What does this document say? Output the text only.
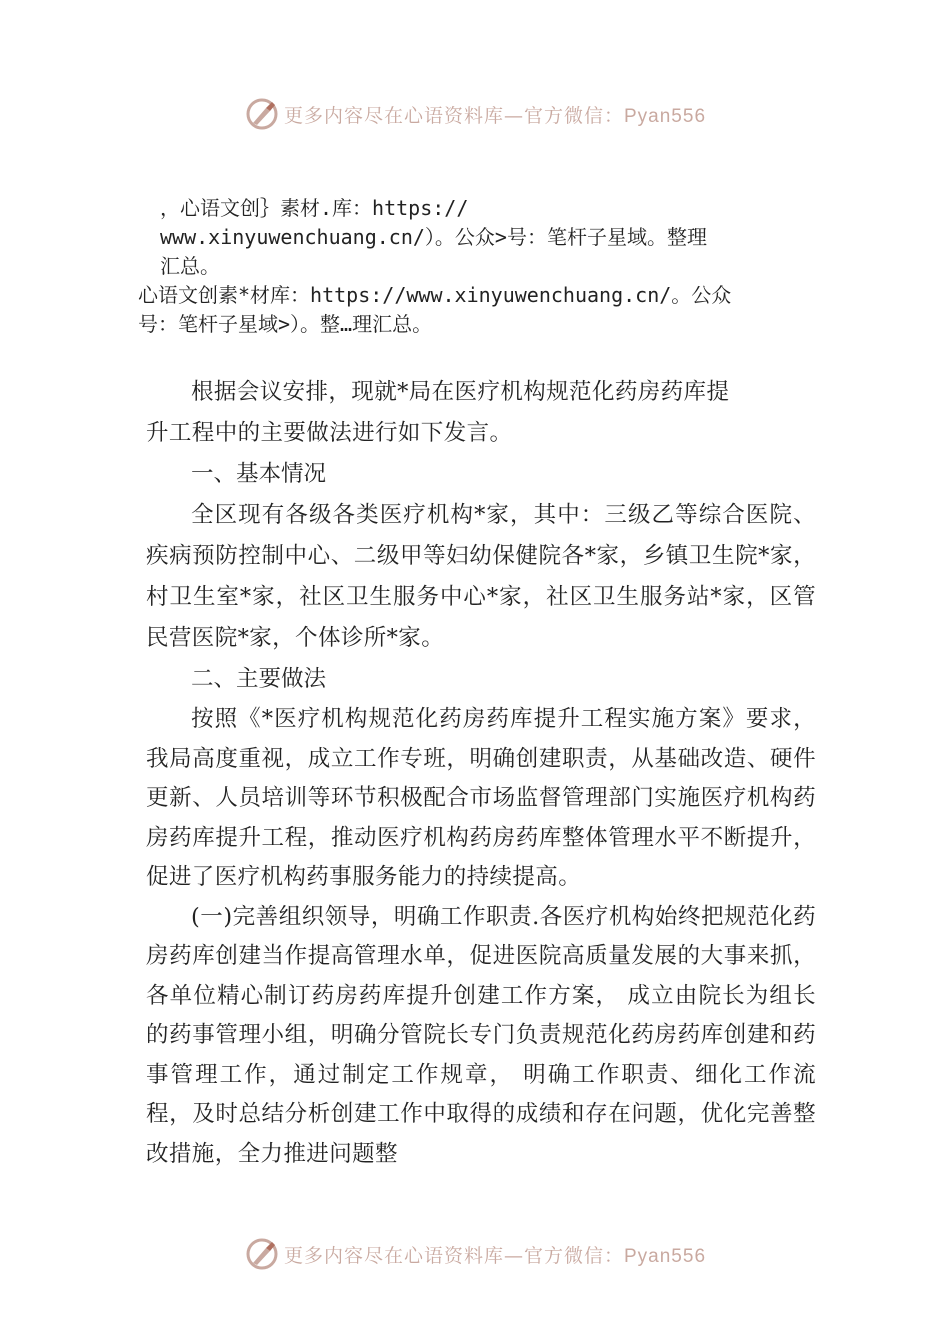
更多内容尽在心语资料库—官方微信：Pyan556
，心语文创｝素材.库：https://
www.xinyuwenchuang.cn/）。公众>号：笔杆子星域。整理
汇总。
心语文创素*材库：https://www.xinyuwenchuang.cn/。公众
号：笔杆子星域>）。整…理汇总。

根据会议安排，现就*局在医疗机构规范化药房药库提

升工程中的主要做法进行如下发言。

一、基本情况

全区现有各级各类医疗机构*家，其中：三级乙等综合医院、疾病预防控制中心、二级甲等妇幼保健院各*家，乡镇卫生院*家，村卫生室*家，社区卫生服务中心*家，社区卫生服务站*家，区管民营医院*家，个体诊所*家。

二、主要做法

按照《*医疗机构规范化药房药库提升工程实施方案》要求，我局高度重视，成立工作专班，明确创建职责，从基础改造、硬件更新、人员培训等环节积极配合市场监督管理部门实施医疗机构药房药库提升工程，推动医疗机构药房药库整体管理水平不断提升，促进了医疗机构药事服务能力的持续提高。

(一)完善组织领导，明确工作职责.各医疗机构始终把规范化药房药库创建当作提高管理水单，促进医院高质量发展的大事来抓，各单位精心制订药房药库提升创建工作方案， 成立由院长为组长的药事管理小组，明确分管院长专门负责规范化药房药库创建和药事管理工作，通过制定工作规章， 明确工作职责、细化工作流程，及时总结分析创建工作中取得的成绩和存在问题，优化完善整改措施，全力推进问题整

更多内容尽在心语资料库—官方微信：Pyan556
